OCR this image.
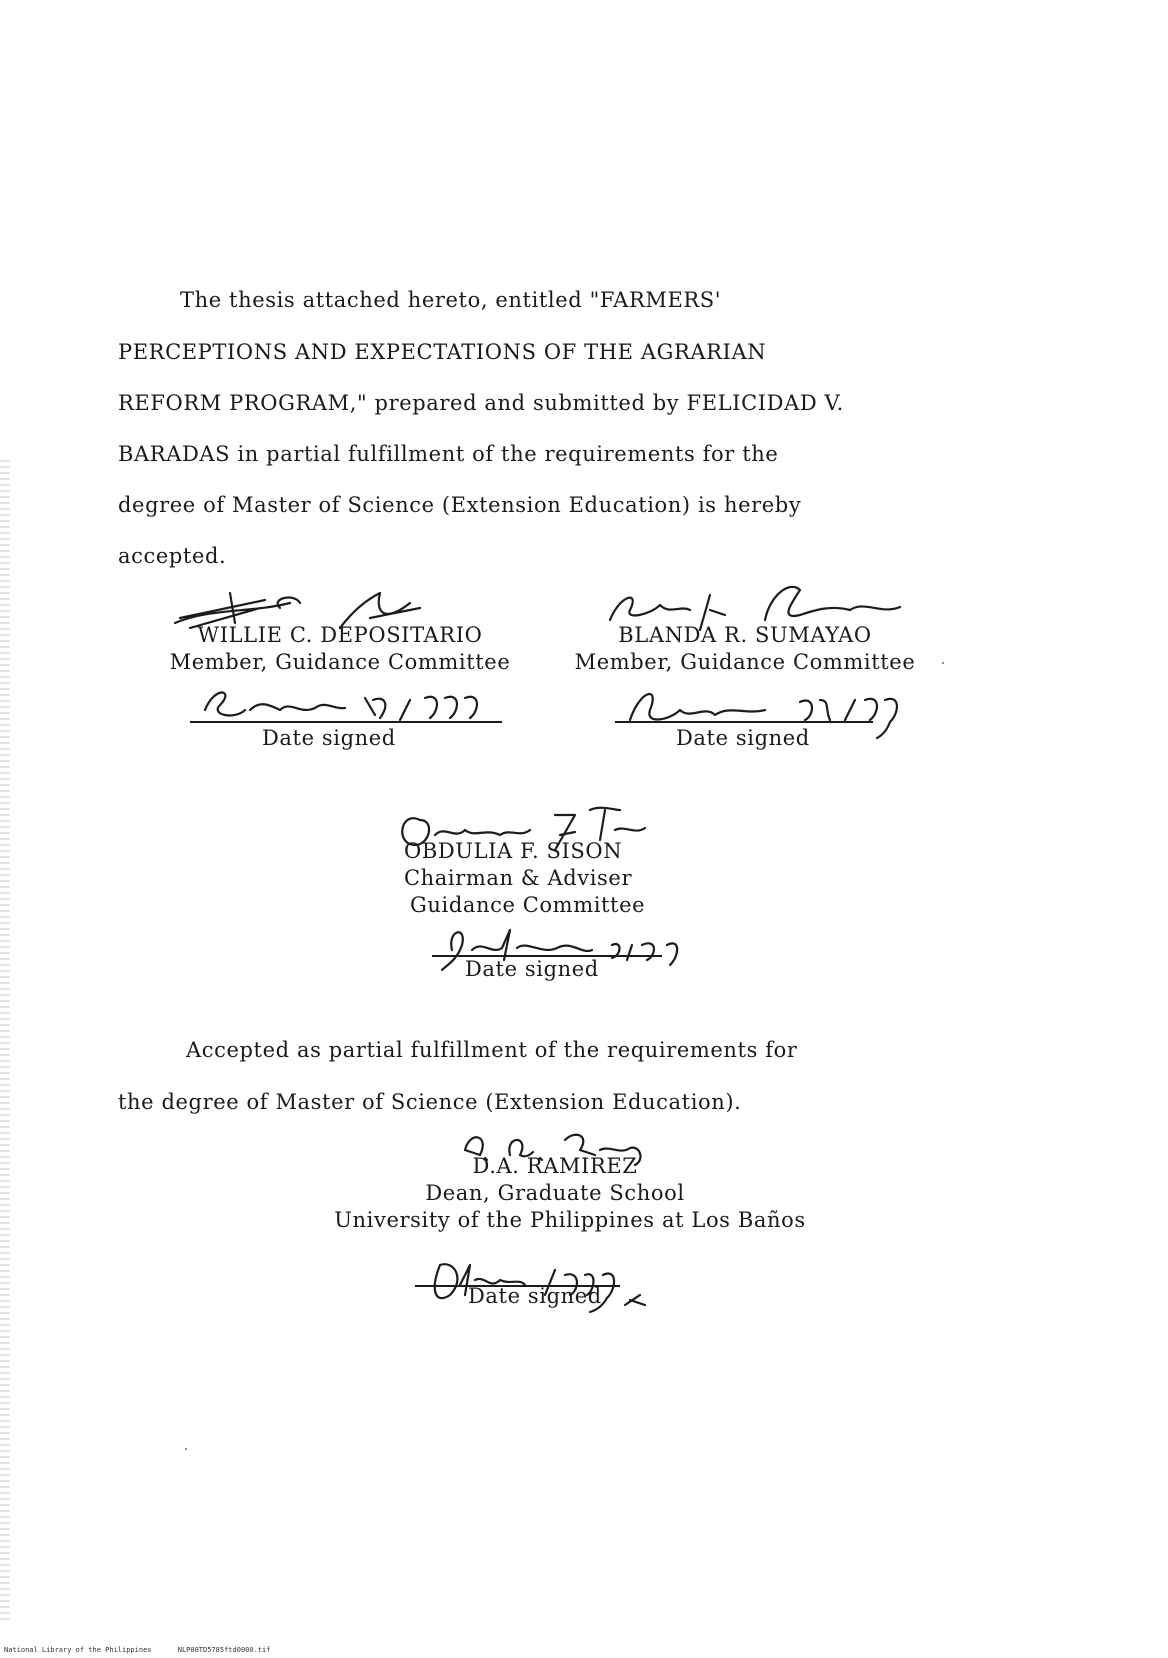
The thesis attached hereto, entitled "FARMERS'
PERCEPTIONS AND EXPECTATIONS OF THE AGRARIAN
REFORM PROGRAM," prepared and submitted by FELICIDAD V.
BARADAS in partial fulfillment of the requirements for the
degree of Master of Science (Extension Education) is hereby
accepted.
WILLIE C. DEPOSITARIO
Member, Guidance Committee
Date signed
BLANDA R. SUMAYAO
Member, Guidance Committee
Date signed
OBDULIA F. SISON
Chairman & Adviser
Guidance Committee
Date signed
Accepted as partial fulfillment of the requirements for
the degree of Master of Science (Extension Education).
D.A. RAMIREZ
Dean, Graduate School
University of the Philippines at Los Baños
Date signed
National Library of the Philippines	NLP00TD5785ftd0000.tif
